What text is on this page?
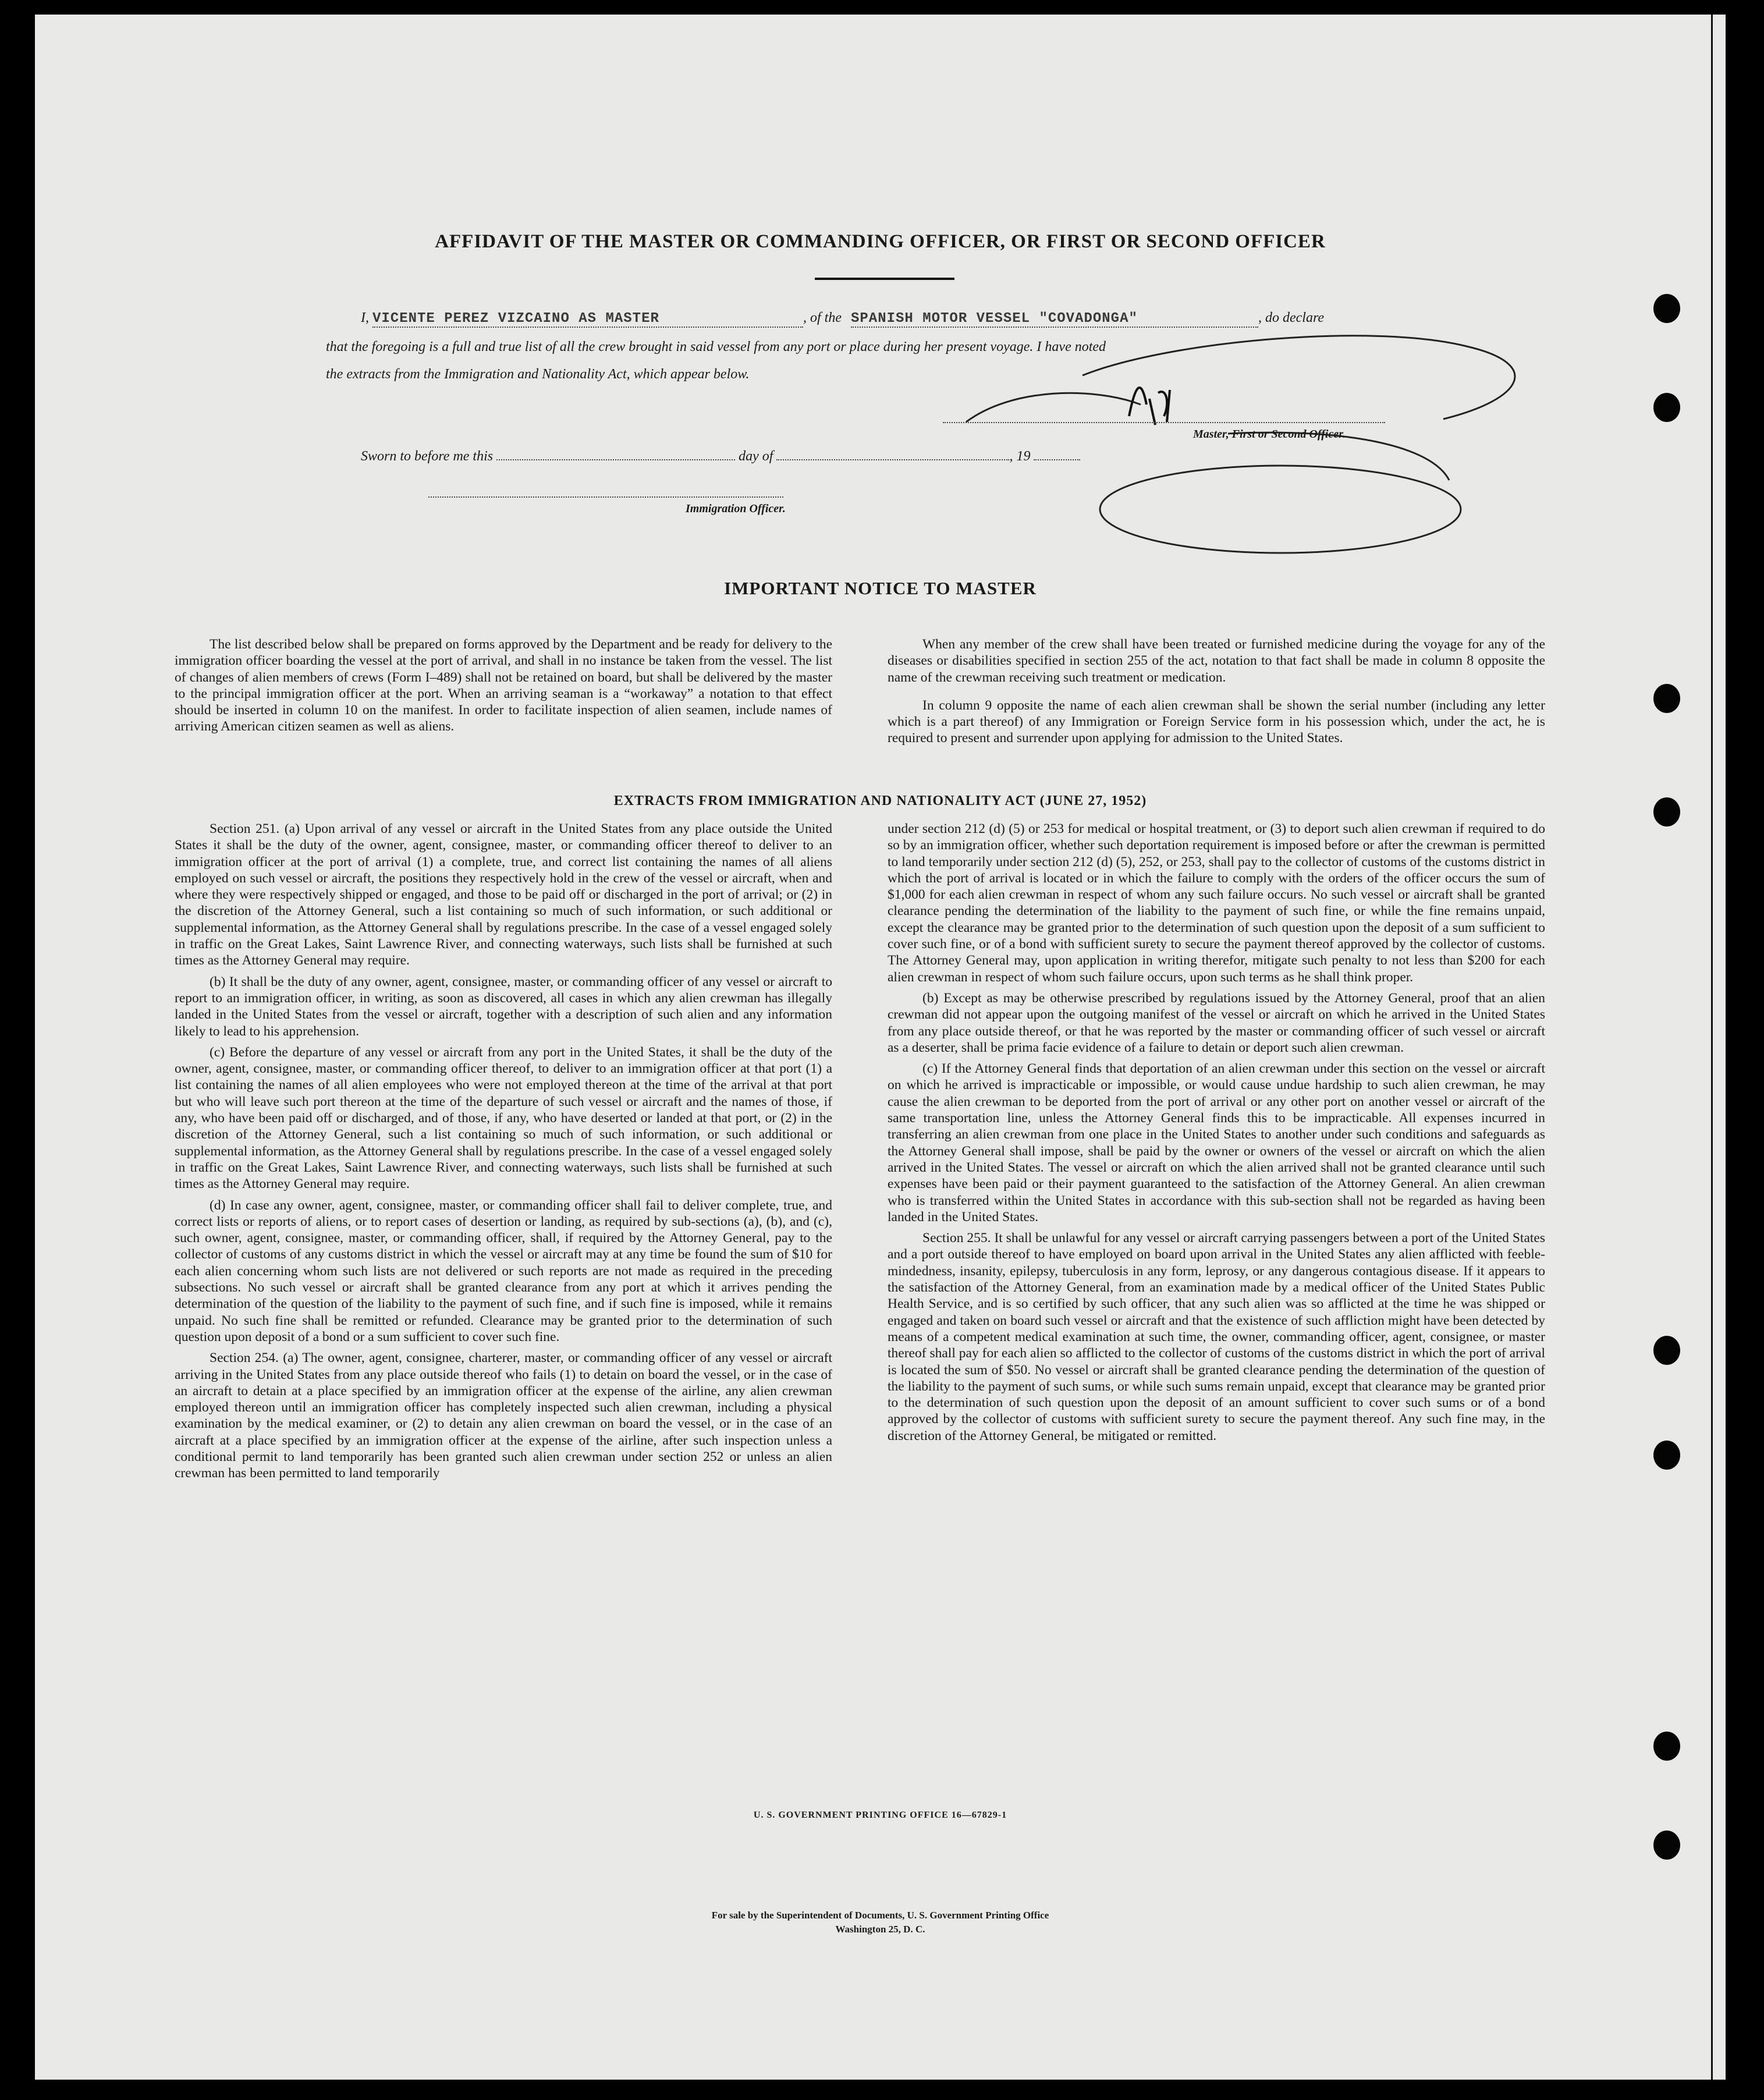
AFFIDAVIT OF THE MASTER OR COMMANDING OFFICER, OR FIRST OR SECOND OFFICER
I, VICENTE PEREZ VIZCAINO AS MASTER	, of the SPANISH MOTOR VESSEL "COVADONGA"	, do declare
that the foregoing is a full and true list of all the crew brought in said vessel from any port or place during her present voyage. I have noted
the extracts from the Immigration and Nationality Act, which appear below.
Master, First or Second Officer.
Sworn to before me this	day of	, 19
Immigration Officer.
IMPORTANT NOTICE TO MASTER

The list described below shall be prepared on forms approved by the Department and be ready for delivery to the immigration officer boarding the vessel at the port of arrival, and shall in no instance be taken from the vessel. The list of changes of alien members of crews (Form I–489) shall not be retained on board, but shall be delivered by the master to the principal immigration officer at the port. When an arriving seaman is a “workaway” a notation to that effect should be inserted in column 10 on the manifest. In order to facilitate inspection of alien seamen, include names of arriving American citizen seamen as well as aliens.

When any member of the crew shall have been treated or furnished medicine during the voyage for any of the diseases or disabilities specified in section 255 of the act, notation to that fact shall be made in column 8 opposite the name of the crewman receiving such treatment or medication.

In column 9 opposite the name of each alien crewman shall be shown the serial number (including any letter which is a part thereof) of any Immigration or Foreign Service form in his possession which, under the act, he is required to present and surrender upon applying for admission to the United States.

EXTRACTS FROM IMMIGRATION AND NATIONALITY ACT (JUNE 27, 1952)

Section 251. (a) Upon arrival of any vessel or aircraft in the United States from any place outside the United States it shall be the duty of the owner, agent, consignee, master, or commanding officer thereof to deliver to an immigration officer at the port of arrival (1) a complete, true, and correct list containing the names of all aliens employed on such vessel or aircraft, the positions they respectively hold in the crew of the vessel or aircraft, when and where they were respectively shipped or engaged, and those to be paid off or discharged in the port of arrival; or (2) in the discretion of the Attorney General, such a list containing so much of such information, or such additional or supplemental information, as the Attorney General shall by regulations prescribe. In the case of a vessel engaged solely in traffic on the Great Lakes, Saint Lawrence River, and connecting waterways, such lists shall be furnished at such times as the Attorney General may require.

(b) It shall be the duty of any owner, agent, consignee, master, or commanding officer of any vessel or aircraft to report to an immigration officer, in writing, as soon as discovered, all cases in which any alien crewman has illegally landed in the United States from the vessel or aircraft, together with a description of such alien and any information likely to lead to his apprehension.

(c) Before the departure of any vessel or aircraft from any port in the United States, it shall be the duty of the owner, agent, consignee, master, or commanding officer thereof, to deliver to an immigration officer at that port (1) a list containing the names of all alien employees who were not employed thereon at the time of the arrival at that port but who will leave such port thereon at the time of the departure of such vessel or aircraft and the names of those, if any, who have been paid off or discharged, and of those, if any, who have deserted or landed at that port, or (2) in the discretion of the Attorney General, such a list containing so much of such information, or such additional or supplemental information, as the Attorney General shall by regulations prescribe. In the case of a vessel engaged solely in traffic on the Great Lakes, Saint Lawrence River, and connecting waterways, such lists shall be furnished at such times as the Attorney General may require.

(d) In case any owner, agent, consignee, master, or commanding officer shall fail to deliver complete, true, and correct lists or reports of aliens, or to report cases of desertion or landing, as required by sub-sections (a), (b), and (c), such owner, agent, consignee, master, or commanding officer, shall, if required by the Attorney General, pay to the collector of customs of any customs district in which the vessel or aircraft may at any time be found the sum of $10 for each alien concerning whom such lists are not delivered or such reports are not made as required in the preceding subsections. No such vessel or aircraft shall be granted clearance from any port at which it arrives pending the determination of the question of the liability to the payment of such fine, and if such fine is imposed, while it remains unpaid. No such fine shall be remitted or refunded. Clearance may be granted prior to the determination of such question upon deposit of a bond or a sum sufficient to cover such fine.

Section 254. (a) The owner, agent, consignee, charterer, master, or commanding officer of any vessel or aircraft arriving in the United States from any place outside thereof who fails (1) to detain on board the vessel, or in the case of an aircraft to detain at a place specified by an immigration officer at the expense of the airline, any alien crewman employed thereon until an immigration officer has completely inspected such alien crewman, including a physical examination by the medical examiner, or (2) to detain any alien crewman on board the vessel, or in the case of an aircraft at a place specified by an immigration officer at the expense of the airline, after such inspection unless a conditional permit to land temporarily has been granted such alien crewman under section 252 or unless an alien crewman has been permitted to land temporarily

under section 212 (d) (5) or 253 for medical or hospital treatment, or (3) to deport such alien crewman if required to do so by an immigration officer, whether such deportation requirement is imposed before or after the crewman is permitted to land temporarily under section 212 (d) (5), 252, or 253, shall pay to the collector of customs of the customs district in which the port of arrival is located or in which the failure to comply with the orders of the officer occurs the sum of $1,000 for each alien crewman in respect of whom any such failure occurs. No such vessel or aircraft shall be granted clearance pending the determination of the liability to the payment of such fine, or while the fine remains unpaid, except the clearance may be granted prior to the determination of such question upon the deposit of a sum sufficient to cover such fine, or of a bond with sufficient surety to secure the payment thereof approved by the collector of customs. The Attorney General may, upon application in writing therefor, mitigate such penalty to not less than $200 for each alien crewman in respect of whom such failure occurs, upon such terms as he shall think proper.

(b) Except as may be otherwise prescribed by regulations issued by the Attorney General, proof that an alien crewman did not appear upon the outgoing manifest of the vessel or aircraft on which he arrived in the United States from any place outside thereof, or that he was reported by the master or commanding officer of such vessel or aircraft as a deserter, shall be prima facie evidence of a failure to detain or deport such alien crewman.

(c) If the Attorney General finds that deportation of an alien crewman under this section on the vessel or aircraft on which he arrived is impracticable or impossible, or would cause undue hardship to such alien crewman, he may cause the alien crewman to be deported from the port of arrival or any other port on another vessel or aircraft of the same transportation line, unless the Attorney General finds this to be impracticable. All expenses incurred in transferring an alien crewman from one place in the United States to another under such conditions and safeguards as the Attorney General shall impose, shall be paid by the owner or owners of the vessel or aircraft on which the alien arrived in the United States. The vessel or aircraft on which the alien arrived shall not be granted clearance until such expenses have been paid or their payment guaranteed to the satisfaction of the Attorney General. An alien crewman who is transferred within the United States in accordance with this sub-section shall not be regarded as having been landed in the United States.

Section 255. It shall be unlawful for any vessel or aircraft carrying passengers between a port of the United States and a port outside thereof to have employed on board upon arrival in the United States any alien afflicted with feeble-mindedness, insanity, epilepsy, tuberculosis in any form, leprosy, or any dangerous contagious disease. If it appears to the satisfaction of the Attorney General, from an examination made by a medical officer of the United States Public Health Service, and is so certified by such officer, that any such alien was so afflicted at the time he was shipped or engaged and taken on board such vessel or aircraft and that the existence of such affliction might have been detected by means of a competent medical examination at such time, the owner, commanding officer, agent, consignee, or master thereof shall pay for each alien so afflicted to the collector of customs of the customs district in which the port of arrival is located the sum of $50. No vessel or aircraft shall be granted clearance pending the determination of the question of the liability to the payment of such sums, or while such sums remain unpaid, except that clearance may be granted prior to the determination of such question upon the deposit of an amount sufficient to cover such sums or of a bond approved by the collector of customs with sufficient surety to secure the payment thereof. Any such fine may, in the discretion of the Attorney General, be mitigated or remitted.

U. S. GOVERNMENT PRINTING OFFICE 16—67829-1
For sale by the Superintendent of Documents, U. S. Government Printing Office
Washington 25, D. C.
